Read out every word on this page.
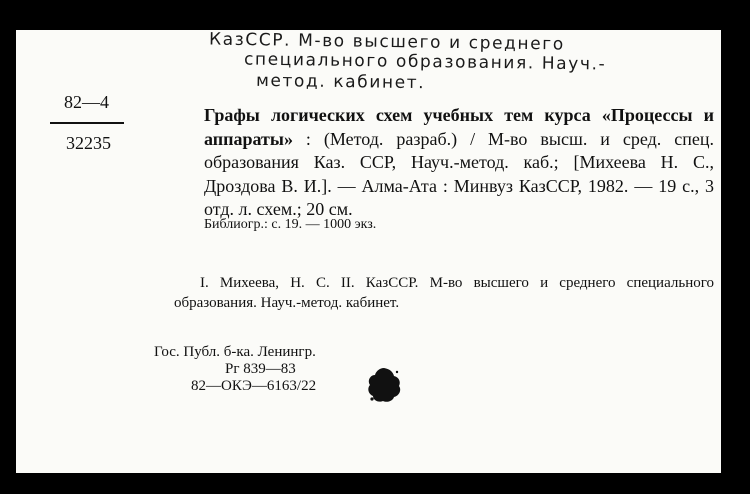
КазССР. М-во высшего и среднего
специального образования. Науч.-
метод. кабинет.
82—4
32235

Графы логических схем учебных тем курса «Процессы и аппараты» : (Метод. разраб.) / М-во высш. и сред. спец. образования Каз. ССР, Науч.-метод. каб.; [Михеева Н. С., Дроздова В. И.]. — Алма-Ата : Минвуз КазССР, 1982. — 19 с., 3 отд. л. схем.; 20 см.

Библиогр.: с. 19. — 1000 экз.
I. Михеева, Н. С. II. КазССР. М-во высшего и среднего специального образования. Науч.-метод. кабинет.
Гос. Публ. б-ка. Ленингр.
Рг 839—83
82—ОКЭ—6163/22
